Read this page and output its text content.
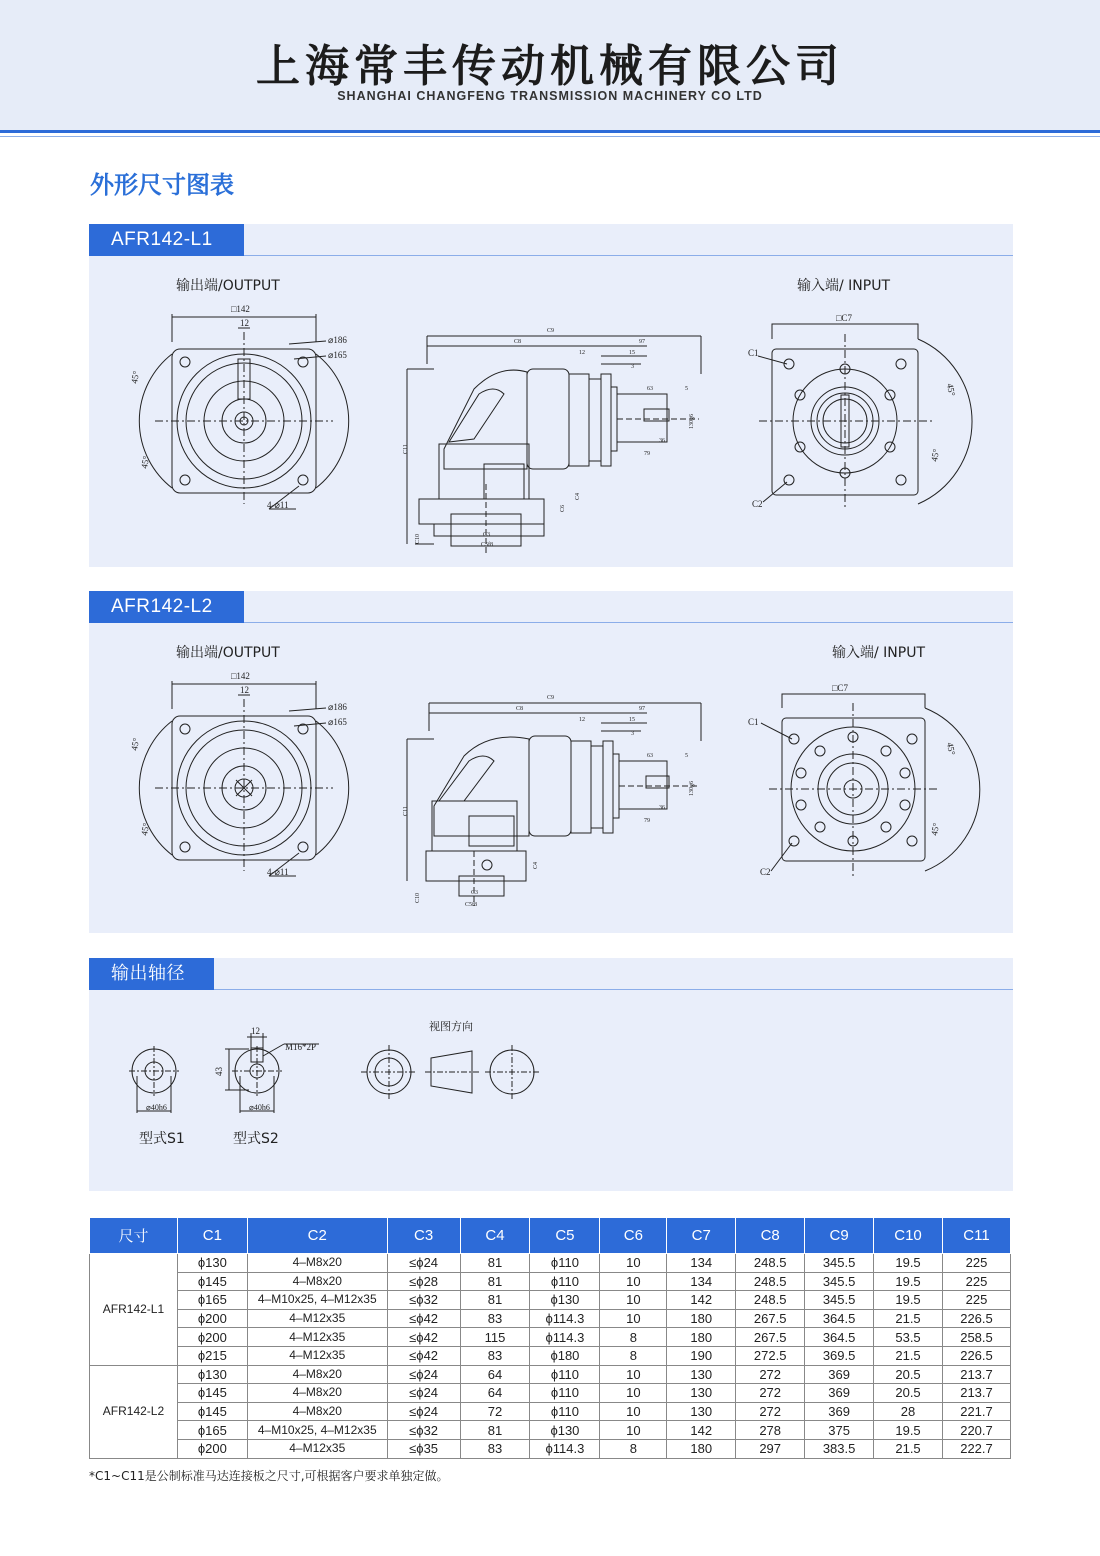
上海常丰传动机械有限公司
SHANGHAI CHANGFENG TRANSMISSION MACHINERY CO LTD
外形尺寸图表
□142
12
⌀186
⌀165
4-⌀11
45°
45°
C9
C8	97
12	15
3
63	5
36
79
130g6
C11
C6
C4
C3
C5f8
C10
□C7
C1
C2
45°
45°
AFR142-L1
输出端/OUTPUT	输入端/ INPUT
□142
12
⌀186
⌀165
4-⌀11
45°
45°
C9
C8	97
12	15
3
63	5
36
79
130g6
C11
C4
C3
C5f8
C10
□C7
C1
C2
45°
45°
AFR142-L2
输出端/OUTPUT	输入端/ INPUT
⌀40h6	⌀40h6
12
43
M16*2P
输出轴径
视图方向
型式S1	型式S2
尺寸	C1	C2	C3	C4	C5	C6	C7	C8	C9	C10	C11
AFR142-L1	ϕ130	4–M8x20	≤ϕ24	81	ϕ110	10	134	248.5	345.5	19.5	225
	ϕ145	4–M8x20	≤ϕ28	81	ϕ110	10	134	248.5	345.5	19.5	225
	ϕ165	4–M10x25, 4–M12x35	≤ϕ32	81	ϕ130	10	142	248.5	345.5	19.5	225
	ϕ200	4–M12x35	≤ϕ42	83	ϕ114.3	10	180	267.5	364.5	21.5	226.5
	ϕ200	4–M12x35	≤ϕ42	115	ϕ114.3	8	180	267.5	364.5	53.5	258.5
	ϕ215	4–M12x35	≤ϕ42	83	ϕ180	8	190	272.5	369.5	21.5	226.5
AFR142-L2	ϕ130	4–M8x20	≤ϕ24	64	ϕ110	10	130	272	369	20.5	213.7
	ϕ145	4–M8x20	≤ϕ24	64	ϕ110	10	130	272	369	20.5	213.7
	ϕ145	4–M8x20	≤ϕ24	72	ϕ110	10	130	272	369	28	221.7
	ϕ165	4–M10x25, 4–M12x35	≤ϕ32	81	ϕ130	10	142	278	375	19.5	220.7
	ϕ200	4–M12x35	≤ϕ35	83	ϕ114.3	8	180	297	383.5	21.5	222.7
*C1~C11是公制标准马达连接板之尺寸,可根据客户要求单独定做。
